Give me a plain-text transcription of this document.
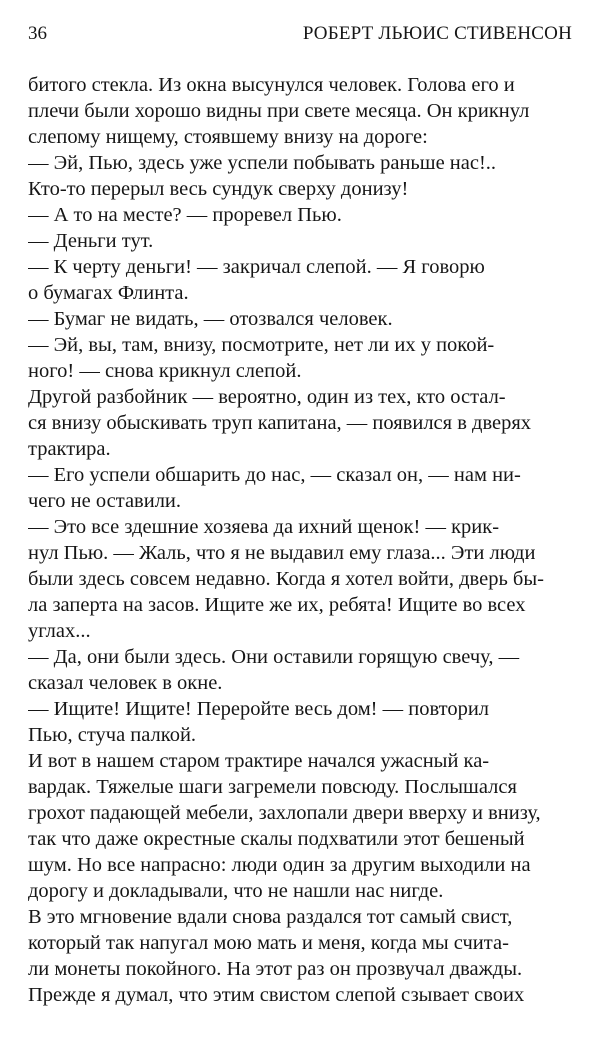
36	РОБЕРТ ЛЬЮИС СТИВЕНСОН
битого стекла. Из окна высунулся человек. Голова его и
плечи были хорошо видны при свете месяца. Он крикнул
слепому нищему, стоявшему внизу на дороге:
— Эй, Пью, здесь уже успели побывать раньше нас!..
Кто-то перерыл весь сундук сверху донизу!
— А то на месте? — проревел Пью.
— Деньги тут.
— К черту деньги! — закричал слепой. — Я говорю
о бумагах Флинта.
— Бумаг не видать, — отозвался человек.
— Эй, вы, там, внизу, посмотрите, нет ли их у покой-
ного! — снова крикнул слепой.
Другой разбойник — вероятно, один из тех, кто остал-
ся внизу обыскивать труп капитана, — появился в дверях
трактира.
— Его успели обшарить до нас, — сказал он, — нам ни-
чего не оставили.
— Это все здешние хозяева да ихний щенок! — крик-
нул Пью. — Жаль, что я не выдавил ему глаза... Эти люди
были здесь совсем недавно. Когда я хотел войти, дверь бы-
ла заперта на засов. Ищите же их, ребята! Ищите во всех
углах...
— Да, они были здесь. Они оставили горящую свечу, —
сказал человек в окне.
— Ищите! Ищите! Переройте весь дом! — повторил
Пью, стуча палкой.
И вот в нашем старом трактире начался ужасный ка-
вардак. Тяжелые шаги загремели повсюду. Послышался
грохот падающей мебели, захлопали двери вверху и внизу,
так что даже окрестные скалы подхватили этот бешеный
шум. Но все напрасно: люди один за другим выходили на
дорогу и докладывали, что не нашли нас нигде.
В это мгновение вдали снова раздался тот самый свист,
который так напугал мою мать и меня, когда мы счита-
ли монеты покойного. На этот раз он прозвучал дважды.
Прежде я думал, что этим свистом слепой сзывает своих
